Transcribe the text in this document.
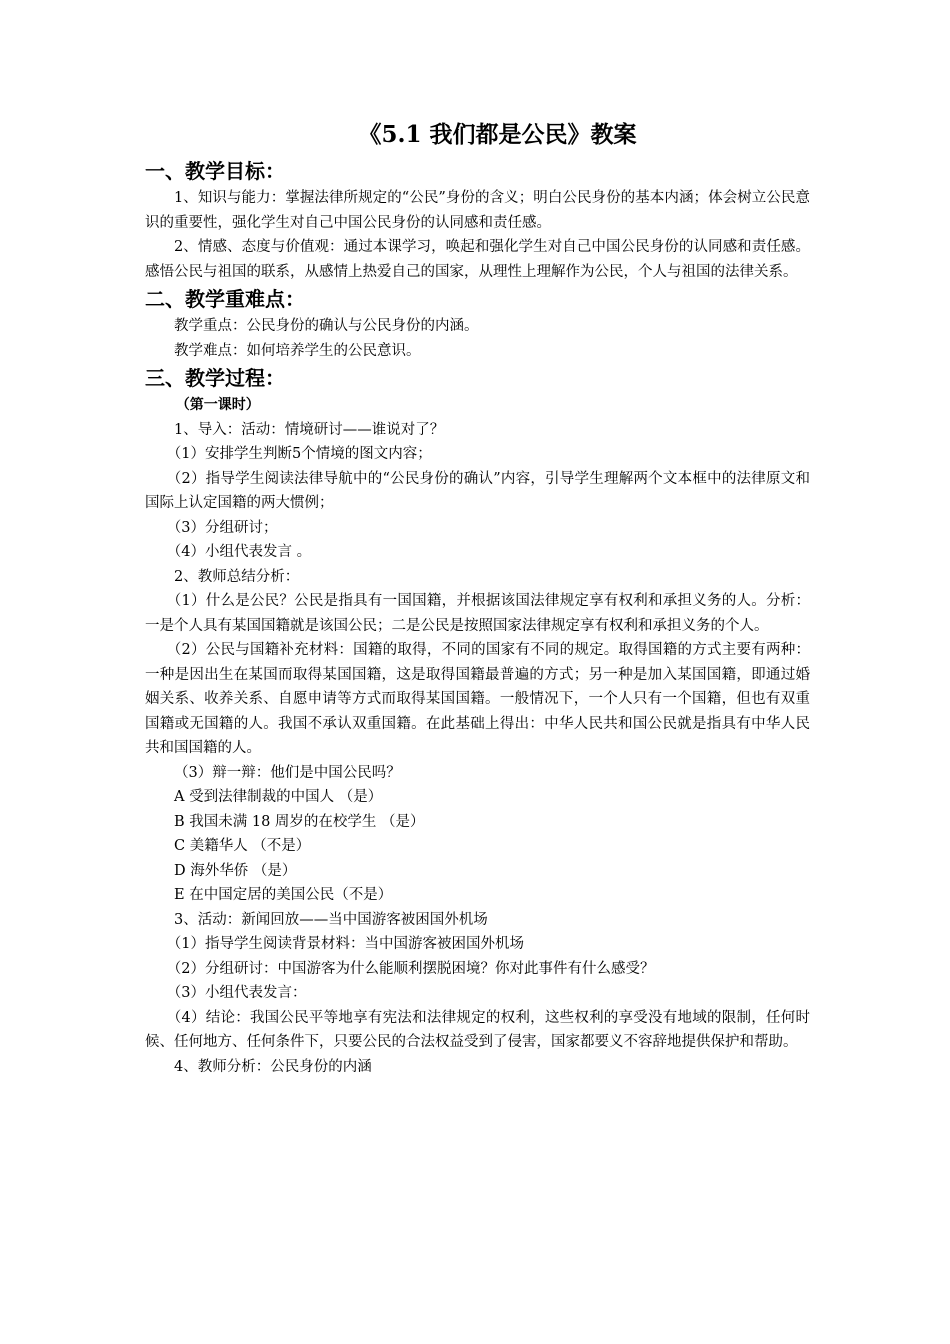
《5.1 我们都是公民》教案
一、教学目标：

1、知识与能力：掌握法律所规定的“公民”身份的含义；明白公民身份的基本内涵；体会树立公民意识的重要性，强化学生对自己中国公民身份的认同感和责任感。

2、情感、态度与价值观：通过本课学习，唤起和强化学生对自己中国公民身份的认同感和责任感。感悟公民与祖国的联系，从感情上热爱自己的国家，从理性上理解作为公民，个人与祖国的法律关系。

二、教学重难点：

教学重点：公民身份的确认与公民身份的内涵。

教学难点：如何培养学生的公民意识。

三、教学过程：

（第一课时）

1、导入：活动：情境研讨——谁说对了？

（1）安排学生判断5个情境的图文内容；

（2）指导学生阅读法律导航中的“公民身份的确认”内容，引导学生理解两个文本框中的法律原文和国际上认定国籍的两大惯例；

（3）分组研讨；

（4）小组代表发言 。

2、教师总结分析：

（1）什么是公民？公民是指具有一国国籍，并根据该国法律规定享有权利和承担义务的人。分析：一是个人具有某国国籍就是该国公民；二是公民是按照国家法律规定享有权利和承担义务的个人。

（2）公民与国籍补充材料：国籍的取得，不同的国家有不同的规定。取得国籍的方式主要有两种：一种是因出生在某国而取得某国国籍，这是取得国籍最普遍的方式；另一种是加入某国国籍，即通过婚姻关系、收养关系、自愿申请等方式而取得某国国籍。一般情况下，一个人只有一个国籍，但也有双重国籍或无国籍的人。我国不承认双重国籍。在此基础上得出：中华人民共和国公民就是指具有中华人民共和国国籍的人。

（3）辩一辩：他们是中国公民吗？

A 受到法律制裁的中国人 （是）

B 我国未满 18 周岁的在校学生 （是）

C 美籍华人 （不是）

D 海外华侨 （是）

E 在中国定居的美国公民（不是）

3、活动：新闻回放——当中国游客被困国外机场

（1）指导学生阅读背景材料：当中国游客被困国外机场

（2）分组研讨：中国游客为什么能顺利摆脱困境？你对此事件有什么感受？

（3）小组代表发言：

（4）结论：我国公民平等地享有宪法和法律规定的权利，这些权利的享受没有地域的限制，任何时候、任何地方、任何条件下，只要公民的合法权益受到了侵害，国家都要义不容辞地提供保护和帮助。

4、教师分析：公民身份的内涵
